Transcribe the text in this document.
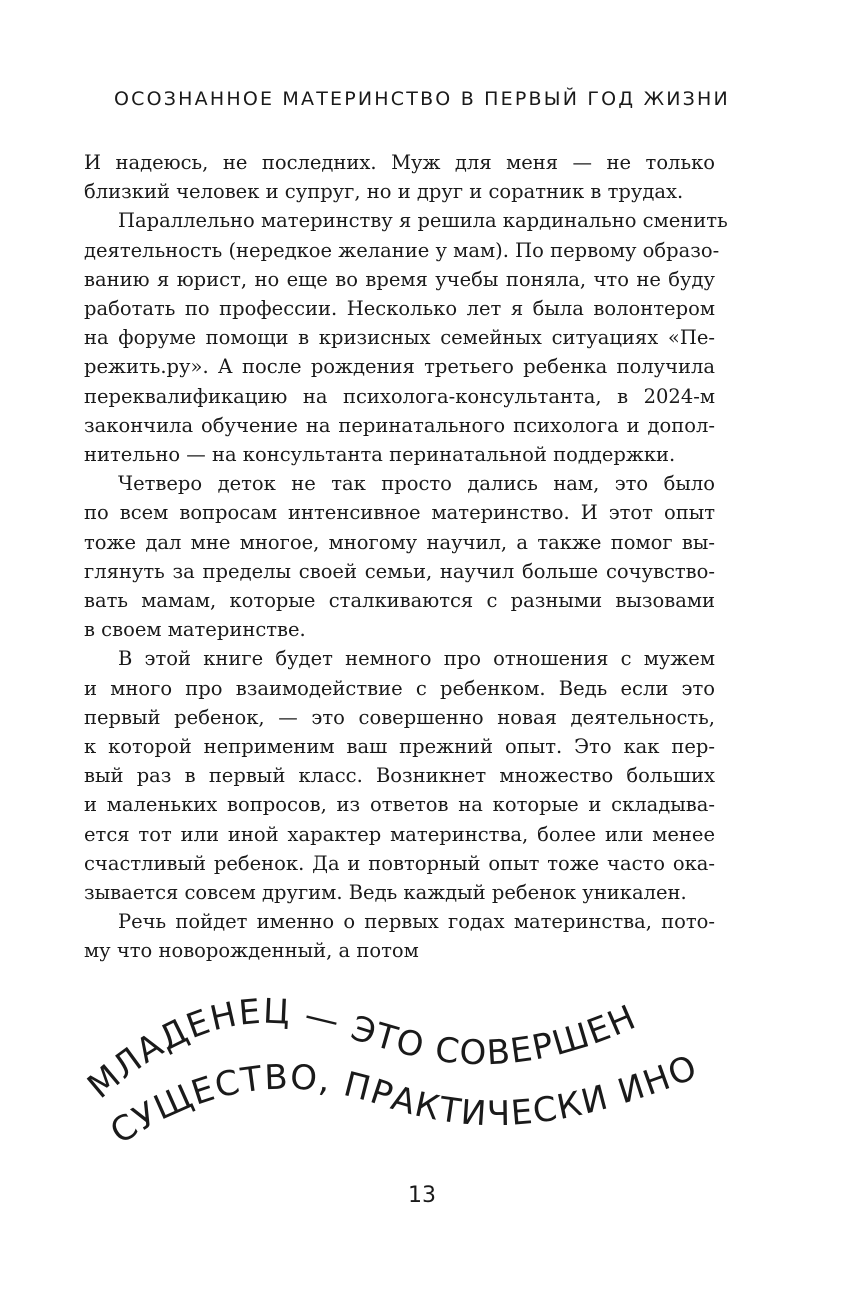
ОСОЗНАННОЕ МАТЕРИНСТВО В ПЕРВЫЙ ГОД ЖИЗНИ
И надеюсь, не последних. Муж для меня — не только
близкий человек и супруг, но и друг и соратник в трудах.
Параллельно материнству я решила кардинально сменить
деятельность (нередкое желание у мам). По первому образо-
ванию я юрист, но еще во время учебы поняла, что не буду
работать по профессии. Несколько лет я была волонтером
на форуме помощи в кризисных семейных ситуациях «Пе-
режить.ру». А после рождения третьего ребенка получила
переквалификацию на психолога-консультанта, в 2024-м
закончила обучение на перинатального психолога и допол-
нительно — на консультанта перинатальной поддержки.
Четверо деток не так просто дались нам, это было
по всем вопросам интенсивное материнство. И этот опыт
тоже дал мне многое, многому научил, а также помог вы-
глянуть за пределы своей семьи, научил больше сочувство-
вать мамам, которые сталкиваются с разными вызовами
в своем материнстве.
В этой книге будет немного про отношения с мужем
и много про взаимодействие с ребенком. Ведь если это
первый ребенок, — это совершенно новая деятельность,
к которой неприменим ваш прежний опыт. Это как пер-
вый раз в первый класс. Возникнет множество больших
и маленьких вопросов, из ответов на которые и складыва-
ется тот или иной характер материнства, более или менее
счастливый ребенок. Да и повторный опыт тоже часто ока-
зывается совсем другим. Ведь каждый ребенок уникален.
Речь пойдет именно о первых годах материнства, пото-
му что новорожденный, а потом
МЛАДЕНЕЦ — ЭТО СОВЕРШЕН
СУЩЕСТВО, ПРАКТИЧЕСКИ ИНО
13
